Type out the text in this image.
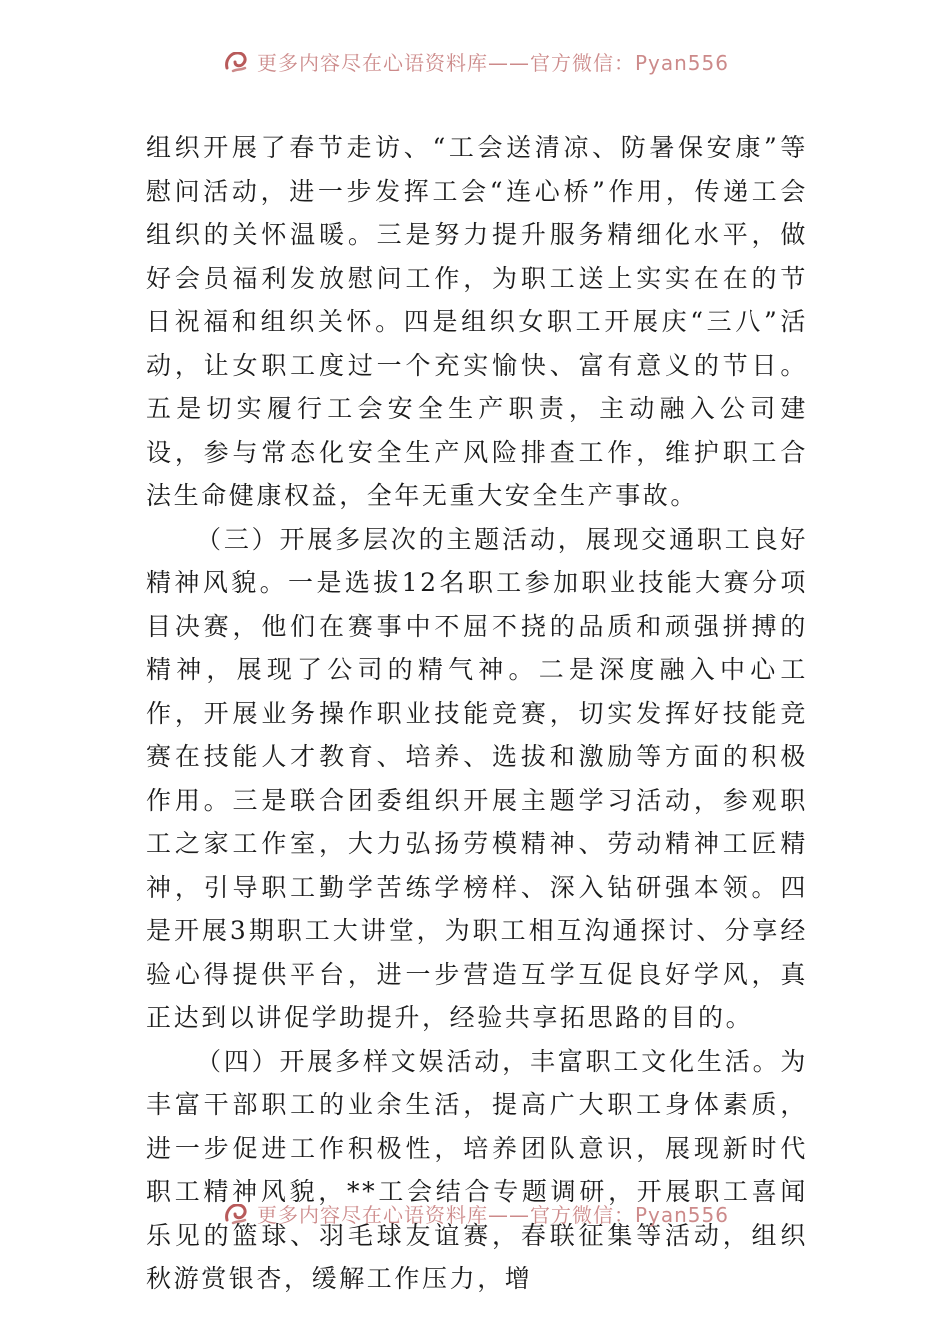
更多内容尽在心语资料库——官方微信：Pyan556

组织开展了春节走访、“工会送清凉、防暑保安康”等慰问活动，进一步发挥工会“连心桥”作用，传递工会组织的关怀温暖。三是努力提升服务精细化水平，做好会员福利发放慰问工作，为职工送上实实在在的节日祝福和组织关怀。四是组织女职工开展庆“三八”活动，让女职工度过一个充实愉快、富有意义的节日。五是切实履行工会安全生产职责，主动融入公司建设，参与常态化安全生产风险排查工作，维护职工合法生命健康权益，全年无重大安全生产事故。

（三）开展多层次的主题活动，展现交通职工良好精神风貌。一是选拔12名职工参加职业技能大赛分项目决赛，他们在赛事中不屈不挠的品质和顽强拼搏的精神，展现了公司的精气神。二是深度融入中心工作，开展业务操作职业技能竞赛，切实发挥好技能竞赛在技能人才教育、培养、选拔和激励等方面的积极作用。三是联合团委组织开展主题学习活动，参观职工之家工作室，大力弘扬劳模精神、劳动精神工匠精神，引导职工勤学苦练学榜样、深入钻研强本领。四是开展3期职工大讲堂，为职工相互沟通探讨、分享经验心得提供平台，进一步营造互学互促良好学风，真正达到以讲促学助提升，经验共享拓思路的目的。

（四）开展多样文娱活动，丰富职工文化生活。为丰富干部职工的业余生活，提高广大职工身体素质，进一步促进工作积极性，培养团队意识，展现新时代职工精神风貌，**工会结合专题调研，开展职工喜闻乐见的篮球、羽毛球友谊赛，春联征集等活动，组织秋游赏银杏，缓解工作压力，增

更多内容尽在心语资料库——官方微信：Pyan556
